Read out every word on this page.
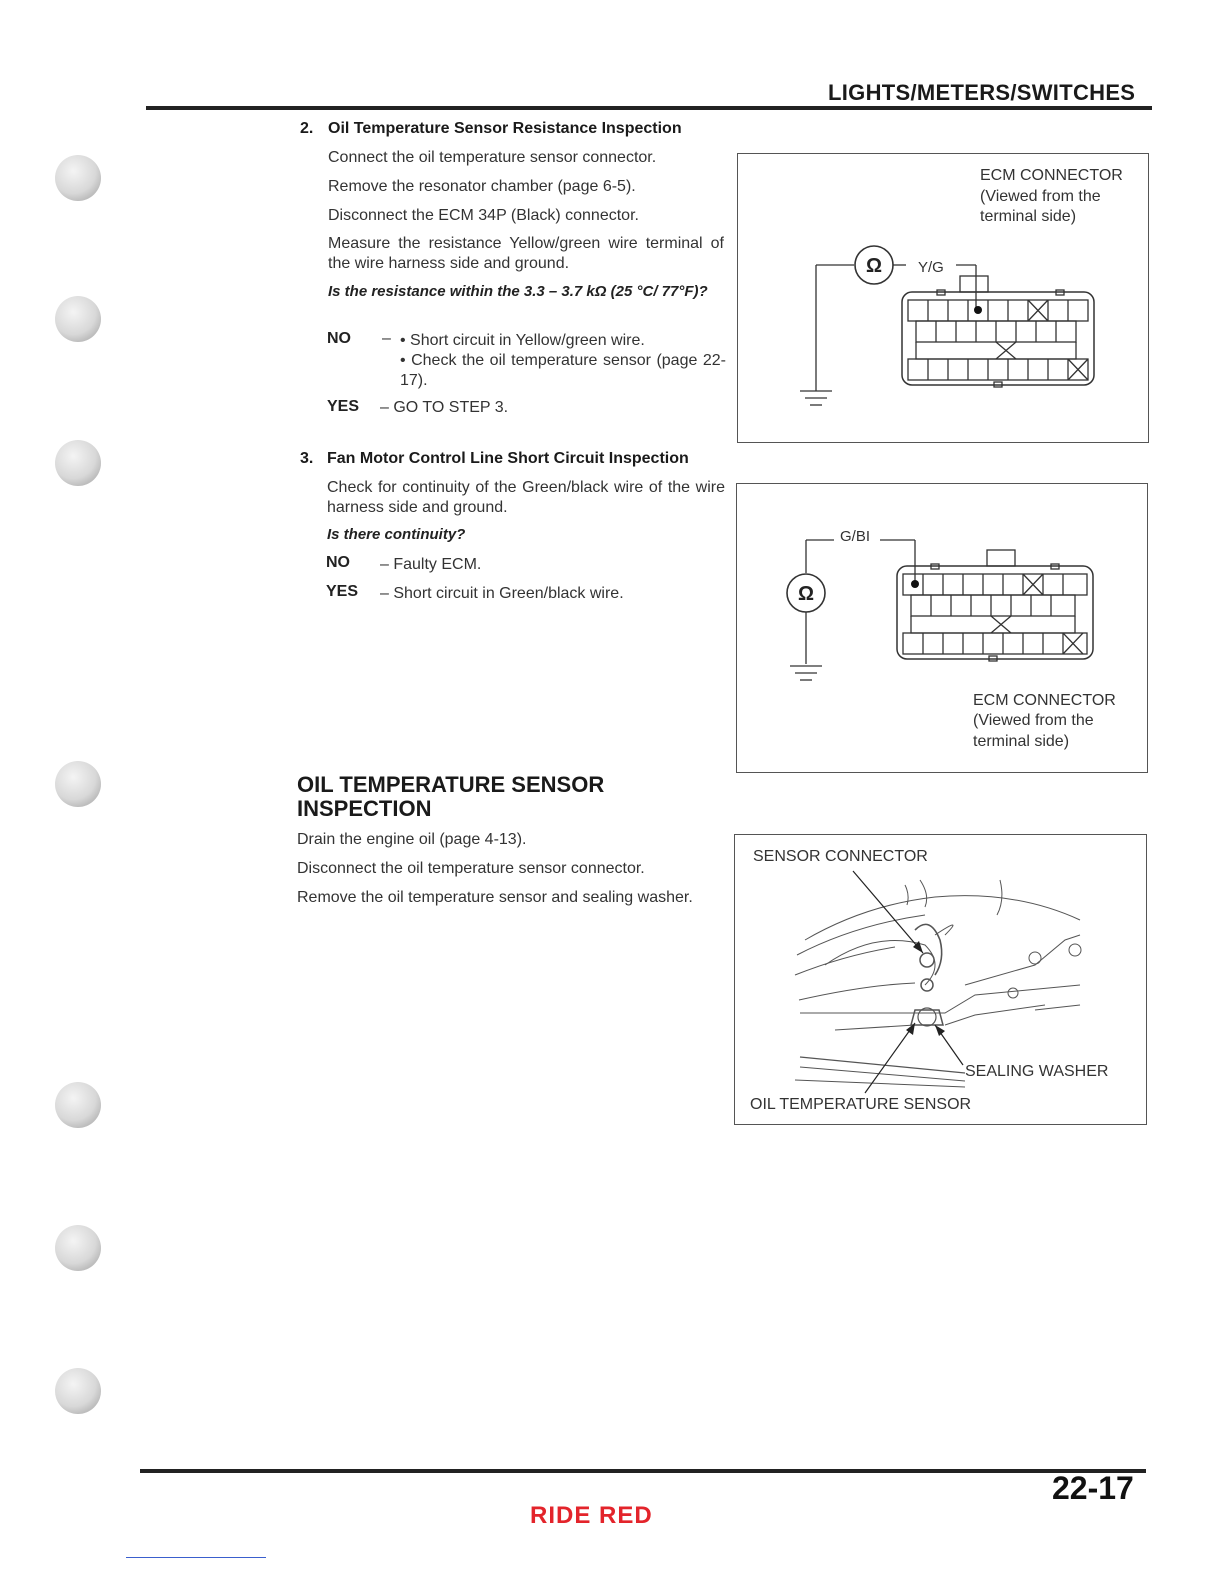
LIGHTS/METERS/SWITCHES
2. Oil Temperature Sensor Resistance Inspection
Connect the oil temperature sensor connector.
Remove the resonator chamber (page 6-5).
Disconnect the ECM 34P (Black) connector.
Measure the resistance Yellow/green wire terminal of the wire harness side and ground.
Is the resistance within the 3.3 – 3.7 kΩ (25 °C/ 77°F)?
NO – • Short circuit in Yellow/green wire.
• Check the oil temperature sensor (page 22-17).
YES – GO TO STEP 3.
3. Fan Motor Control Line Short Circuit Inspection
Check for continuity of the Green/black wire of the wire harness side and ground.
Is there continuity?
NO – Faulty ECM.
YES – Short circuit in Green/black wire.
OIL TEMPERATURE SENSOR
INSPECTION
Drain the engine oil (page 4-13).
Disconnect the oil temperature sensor connector.
Remove the oil temperature sensor and sealing washer.
ECM CONNECTOR
(Viewed from the
terminal side)
Ω Y/G
Ω
G/BI
ECM CONNECTOR
(Viewed from the
terminal side)
SENSOR CONNECTOR
SEALING WASHER
OIL TEMPERATURE SENSOR
22-17
RIDE RED
